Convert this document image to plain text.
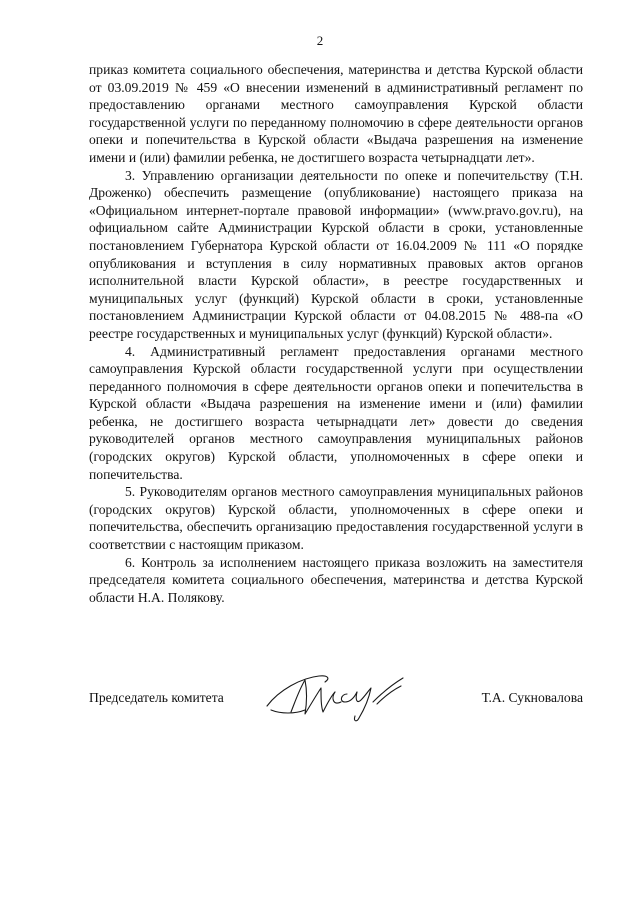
2

приказ комитета социального обеспечения, материнства и детства Курской области от 03.09.2019 № 459 «О внесении изменений в административный регламент по предоставлению органами местного самоуправления Курской области государственной услуги по переданному полномочию в сфере деятельности органов опеки и попечительства в Курской области «Выдача разрешения на изменение имени и (или) фамилии ребенка, не достигшего возраста четырнадцати лет».

3. Управлению организации деятельности по опеке и попечительству (Т.Н. Дроженко) обеспечить размещение (опубликование) настоящего приказа на «Официальном интернет-портале правовой информации» (www.pravo.gov.ru), на официальном сайте Администрации Курской области в сроки, установленные постановлением Губернатора Курской области от 16.04.2009 № 111 «О порядке опубликования и вступления в силу нормативных правовых актов органов исполнительной власти Курской области», в реестре государственных и муниципальных услуг (функций) Курской области в сроки, установленные постановлением Администрации Курской области от 04.08.2015 № 488-па «О реестре государственных и муниципальных услуг (функций) Курской области».

4. Административный регламент предоставления органами местного самоуправления Курской области государственной услуги при осуществлении переданного полномочия в сфере деятельности органов опеки и попечительства в Курской области «Выдача разрешения на изменение имени и (или) фамилии ребенка, не достигшего возраста четырнадцати лет» довести до сведения руководителей органов местного самоуправления муниципальных районов (городских округов) Курской области, уполномоченных в сфере опеки и попечительства.

5. Руководителям органов местного самоуправления муниципальных районов (городских округов) Курской области, уполномоченных в сфере опеки и попечительства, обеспечить организацию предоставления государственной услуги в соответствии с настоящим приказом.

6. Контроль за исполнением настоящего приказа возложить на заместителя председателя комитета социального обеспечения, материнства и детства Курской области Н.А. Полякову.

Председатель комитета	Т.А. Сукновалова
